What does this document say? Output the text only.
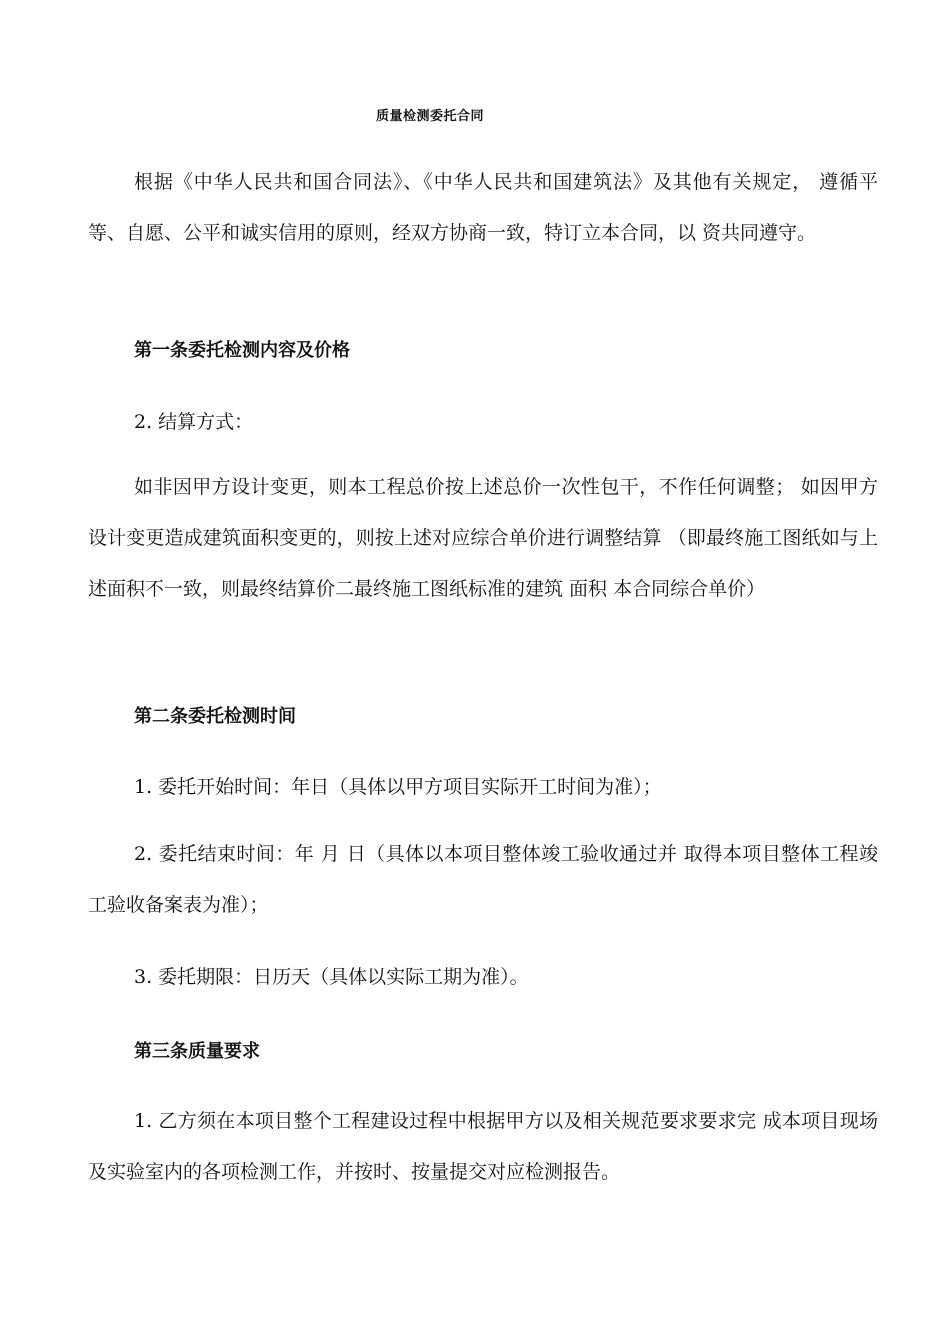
质量检测委托合同
根据《中华人民共和国合同法》、《中华人民共和国建筑法》及其他有关规定， 遵循平等、自愿、公平和诚实信用的原则，经双方协商一致，特订立本合同，以 资共同遵守。
第一条委托检测内容及价格
2. 结算方式：
如非因甲方设计变更，则本工程总价按上述总价一次性包干，不作任何调整； 如因甲方设计变更造成建筑面积变更的，则按上述对应综合单价进行调整结算 （即最终施工图纸如与上述面积不一致，则最终结算价二最终施工图纸标准的建筑 面积 本合同综合单价）
第二条委托检测时间
1. 委托开始时间：年日（具体以甲方项目实际开工时间为准）；
2. 委托结束时间：年 月 日（具体以本项目整体竣工验收通过并 取得本项目整体工程竣工验收备案表为准）；
3. 委托期限：日历天（具体以实际工期为准）。
第三条质量要求
1. 乙方须在本项目整个工程建设过程中根据甲方以及相关规范要求要求完 成本项目现场及实验室内的各项检测工作，并按时、按量提交对应检测报告。
